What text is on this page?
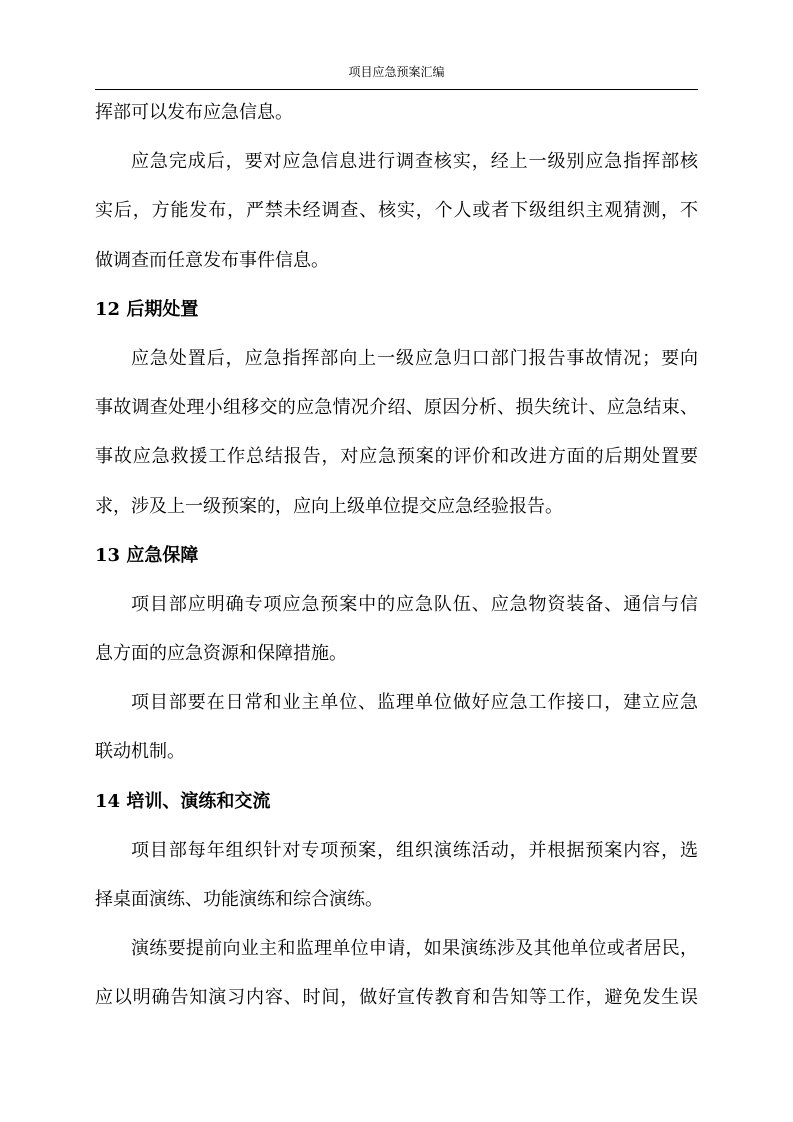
项目应急预案汇编
挥部可以发布应急信息。
应急完成后，要对应急信息进行调查核实，经上一级别应急指挥部核
实后，方能发布，严禁未经调查、核实，个人或者下级组织主观猜测，不
做调查而任意发布事件信息。
12 后期处置
应急处置后，应急指挥部向上一级应急归口部门报告事故情况；要向
事故调查处理小组移交的应急情况介绍、原因分析、损失统计、应急结束、
事故应急救援工作总结报告，对应急预案的评价和改进方面的后期处置要
求，涉及上一级预案的，应向上级单位提交应急经验报告。
13 应急保障
项目部应明确专项应急预案中的应急队伍、应急物资装备、通信与信
息方面的应急资源和保障措施。
项目部要在日常和业主单位、监理单位做好应急工作接口，建立应急
联动机制。
14 培训、演练和交流
项目部每年组织针对专项预案，组织演练活动，并根据预案内容，选
择桌面演练、功能演练和综合演练。
演练要提前向业主和监理单位申请，如果演练涉及其他单位或者居民，
应以明确告知演习内容、时间，做好宣传教育和告知等工作，避免发生误
